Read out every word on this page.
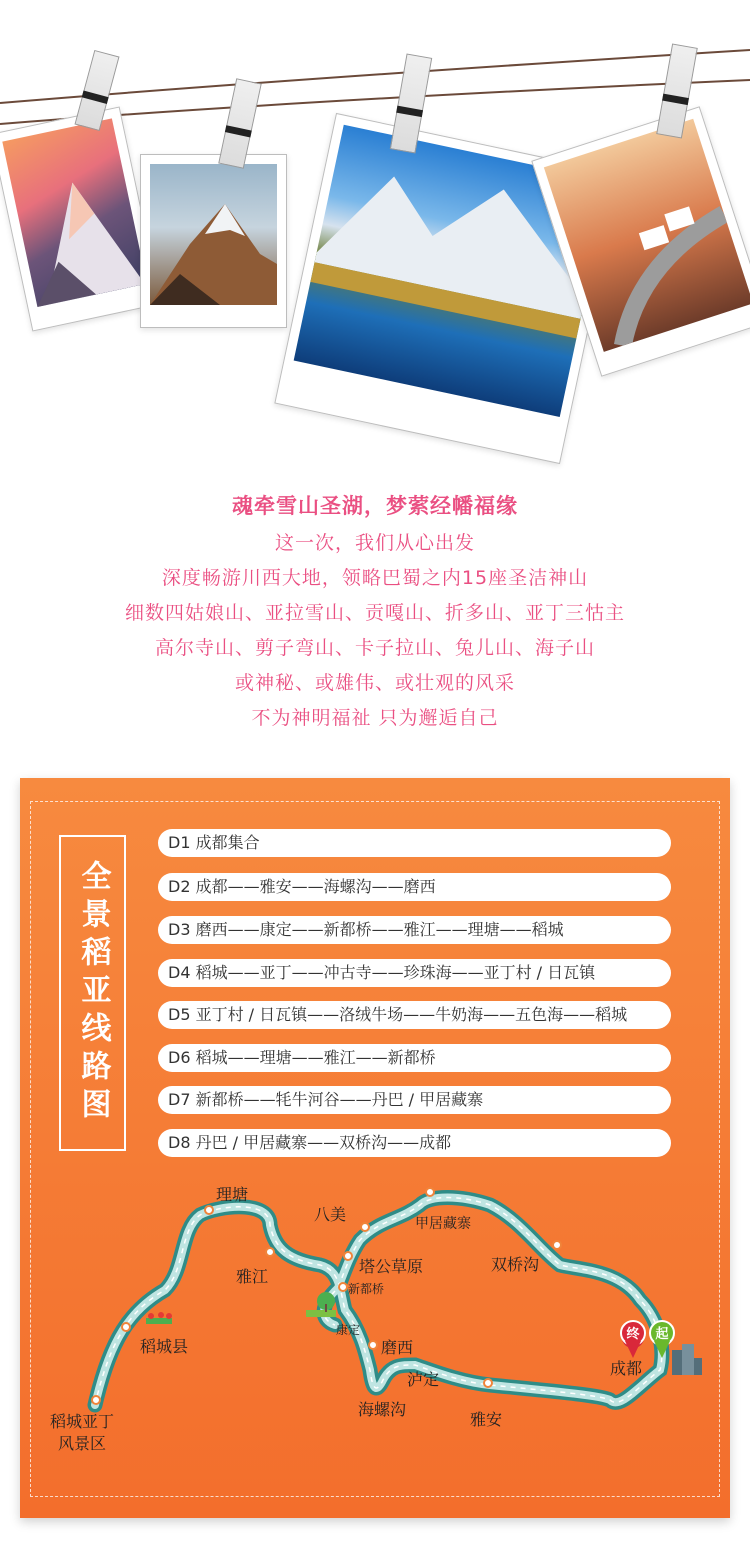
魂牵雪山圣湖，梦萦经幡福缘
这一次，我们从心出发
深度畅游川西大地，领略巴蜀之内15座圣洁神山
细数四姑娘山、亚拉雪山、贡嘎山、折多山、亚丁三怙主
高尔寺山、剪子弯山、卡子拉山、兔儿山、海子山
或神秘、或雄伟、或壮观的风采
不为神明福祉 只为邂逅自己
全景稻亚线路图
D1 成都集合
D2 成都——雅安——海螺沟——磨西
D3 磨西——康定——新都桥——雅江——理塘——稻城
D4 稻城——亚丁——冲古寺——珍珠海——亚丁村 / 日瓦镇
D5 亚丁村 / 日瓦镇——洛绒牛场——牛奶海——五色海——稻城
D6 稻城——理塘——雅江——新都桥
D7 新都桥——牦牛河谷——丹巴 / 甲居藏寨
D8 丹巴 / 甲居藏寨——双桥沟——成都
终 起
理塘
八美	甲居藏寨
雅江
塔公草原	双桥沟
新都桥
康定
稻城县	磨西
成都
泸定
海螺沟
雅安
稻城亚丁
风景区
